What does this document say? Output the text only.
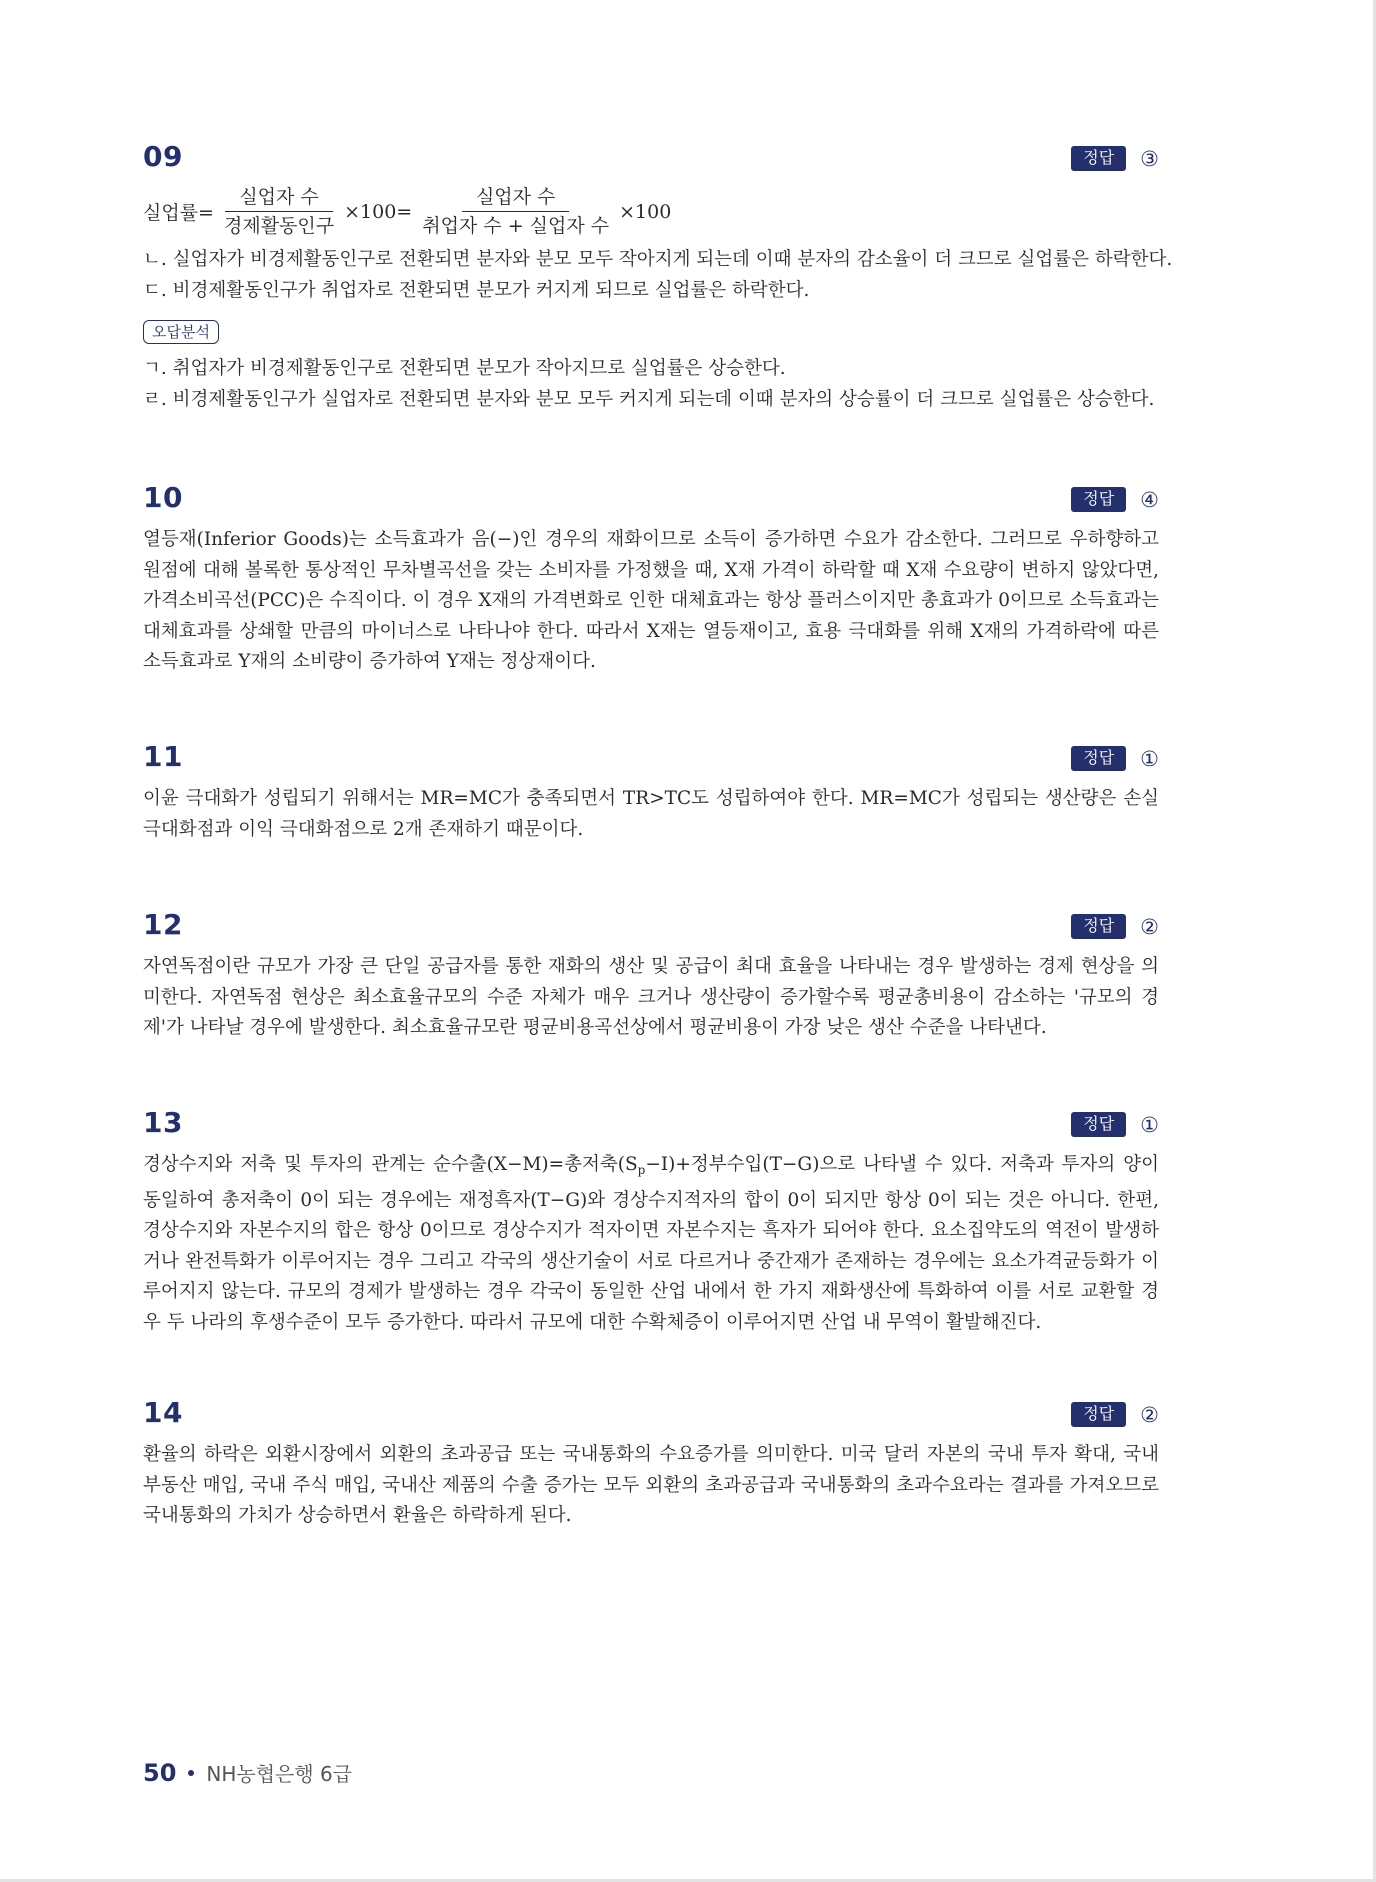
09	정답	③
실업률= $\frac{\text{실업자 수}}{\text{경제활동인구}} \times 100= \frac{\text{실업자 수}}{\text{취업자 수 + 실업자 수}} \times 100$
ㄴ. 실업자가 비경제활동인구로 전환되면 분자와 분모 모두 작아지게 되는데 이때 분자의 감소율이 더 크므로 실업률은 하락한다.
ㄷ. 비경제활동인구가 취업자로 전환되면 분모가 커지게 되므로 실업률은 하락한다.
오답분석
ㄱ. 취업자가 비경제활동인구로 전환되면 분모가 작아지므로 실업률은 상승한다.
ㄹ. 비경제활동인구가 실업자로 전환되면 분자와 분모 모두 커지게 되는데 이때 분자의 상승률이 더 크므로 실업률은 상승한다.
10	정답	④

열등재(Inferior Goods)는 소득효과가 음(−)인 경우의 재화이므로 소득이 증가하면 수요가 감소한다. 그러므로 우하향하고 원점에 대해 볼록한 통상적인 무차별곡선을 갖는 소비자를 가정했을 때, X재 가격이 하락할 때 X재 수요량이 변하지 않았다면, 가격소비곡선(PCC)은 수직이다. 이 경우 X재의 가격변화로 인한 대체효과는 항상 플러스이지만 총효과가 0이므로 소득효과는 대체효과를 상쇄할 만큼의 마이너스로 나타나야 한다. 따라서 X재는 열등재이고, 효용 극대화를 위해 X재의 가격하락에 따른 소득효과로 Y재의 소비량이 증가하여 Y재는 정상재이다.

11	정답	①

이윤 극대화가 성립되기 위해서는 MR=MC가 충족되면서 TR>TC도 성립하여야 한다. MR=MC가 성립되는 생산량은 손실 극대화점과 이익 극대화점으로 2개 존재하기 때문이다.

12	정답	②

자연독점이란 규모가 가장 큰 단일 공급자를 통한 재화의 생산 및 공급이 최대 효율을 나타내는 경우 발생하는 경제 현상을 의미한다. 자연독점 현상은 최소효율규모의 수준 자체가 매우 크거나 생산량이 증가할수록 평균총비용이 감소하는 '규모의 경제'가 나타날 경우에 발생한다. 최소효율규모란 평균비용곡선상에서 평균비용이 가장 낮은 생산 수준을 나타낸다.

13	정답	①

경상수지와 저축 및 투자의 관계는 순수출(X−M)=총저축$(S_p-I)+$정부수입(T−G)으로 나타낼 수 있다. 저축과 투자의 양이 동일하여 총저축이 0이 되는 경우에는 재정흑자(T−G)와 경상수지적자의 합이 0이 되지만 항상 0이 되는 것은 아니다. 한편, 경상수지와 자본수지의 합은 항상 0이므로 경상수지가 적자이면 자본수지는 흑자가 되어야 한다. 요소집약도의 역전이 발생하거나 완전특화가 이루어지는 경우 그리고 각국의 생산기술이 서로 다르거나 중간재가 존재하는 경우에는 요소가격균등화가 이루어지지 않는다. 규모의 경제가 발생하는 경우 각국이 동일한 산업 내에서 한 가지 재화생산에 특화하여 이를 서로 교환할 경우 두 나라의 후생수준이 모두 증가한다. 따라서 규모에 대한 수확체증이 이루어지면 산업 내 무역이 활발해진다.

14	정답	②

환율의 하락은 외환시장에서 외환의 초과공급 또는 국내통화의 수요증가를 의미한다. 미국 달러 자본의 국내 투자 확대, 국내 부동산 매입, 국내 주식 매입, 국내산 제품의 수출 증가는 모두 외환의 초과공급과 국내통화의 초과수요라는 결과를 가져오므로 국내통화의 가치가 상승하면서 환율은 하락하게 된다.

50 NH농협은행 6급
